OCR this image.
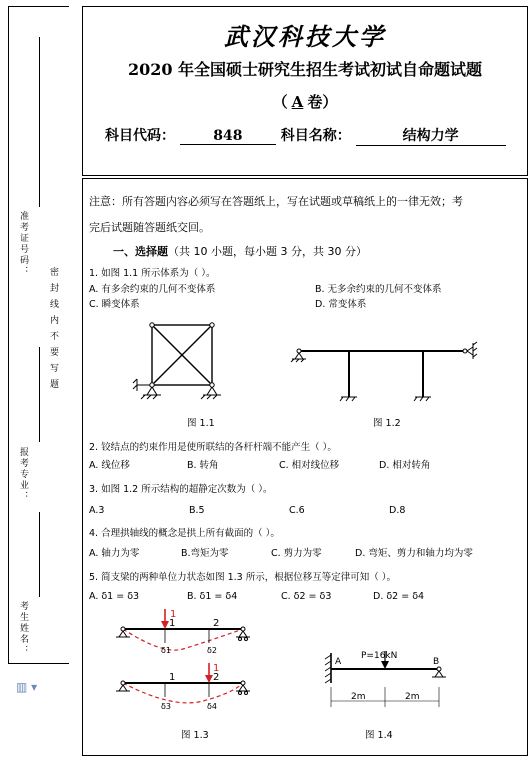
准考证号码：
密封线内不要写题
报考专业：
考生姓名：
▥ ▾
武汉科技大学
2020 年全国硕士研究生招生考试初试自命题试题
（ A 卷）
科目代码：	848	科目名称：	结构力学
注意：所有答题内容必须写在答题纸上，写在试题或草稿纸上的一律无效；考
完后试题随答题纸交回。
一、选择题（共 10 小题，每小题 3 分，共 30 分）
1. 如图 1.1 所示体系为（ ）。
A. 有多余约束的几何不变体系	B. 无多余约束的几何不变体系
C. 瞬变体系	D. 常变体系
图 1.1	图 1.2
2. 铰结点的约束作用是使所联结的各杆杆端不能产生（ ）。
A. 线位移	B. 转角	C. 相对线位移	D. 相对转角
3. 如图 1.2 所示结构的超静定次数为（ ）。
A.3	B.5	C.6	D.8
4. 合理拱轴线的概念是拱上所有截面的（ ）。
A. 轴力为零	B.弯矩为零	C. 剪力为零	D. 弯矩、剪力和轴力均为零
5. 简支梁的两种单位力状态如图 1.3 所示，根据位移互等定律可知（ ）。
A. δ1 = δ3	B. δ1 = δ4	C. δ2 = δ3	D. δ2 = δ4
1
1	2
δ1	δ2
1
1	2
δ3	δ4
图 1.3
P=16kN
A	B
2m	2m
图 1.4
